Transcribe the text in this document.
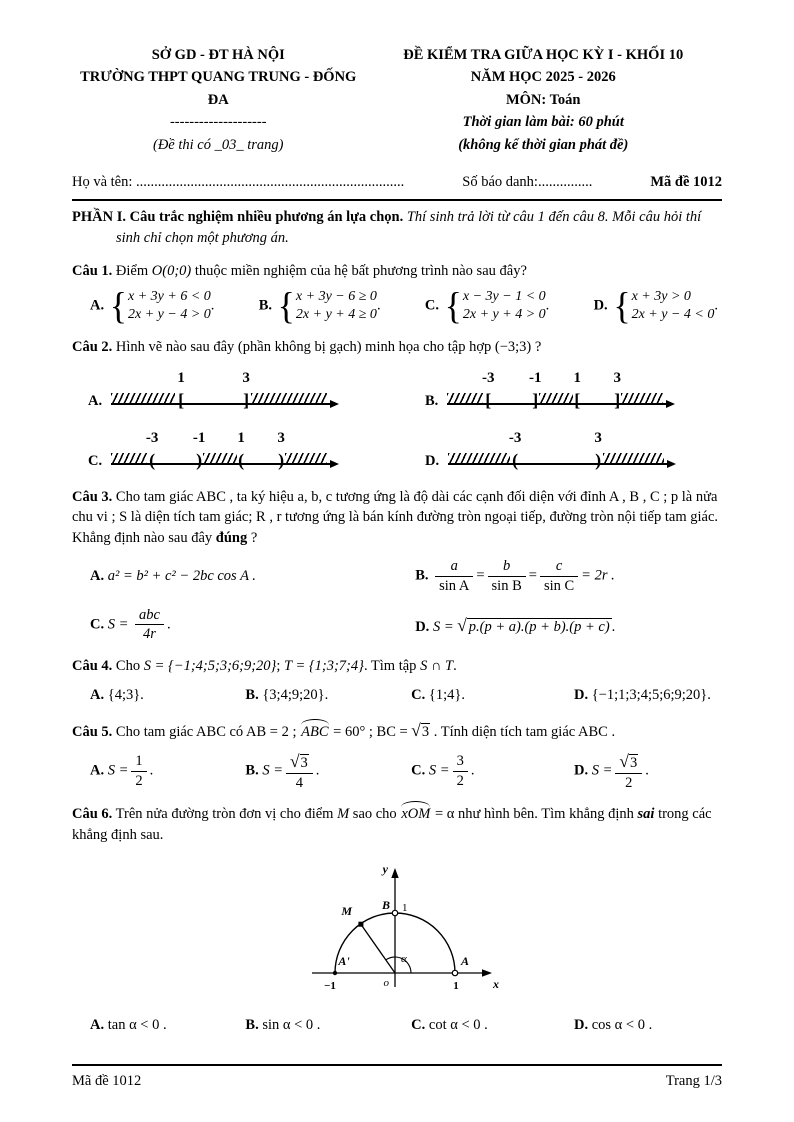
SỞ GD - ĐT HÀ NỘI
TRƯỜNG THPT QUANG TRUNG - ĐỐNG ĐA
--------------------
(Đề thi có _03_ trang)
ĐỀ KIỂM TRA GIỮA HỌC KỲ I - KHỐI 10
NĂM HỌC 2025 - 2026
MÔN: Toán
Thời gian làm bài: 60 phút
(không kể thời gian phát đề)
Họ và tên: ..........................................................................	Số báo danh:...............	Mã đề 1012
PHẦN I. Câu trắc nghiệm nhiều phương án lựa chọn. Thí sinh trả lời từ câu 1 đến câu 8. Mỗi câu hỏi thí sinh chỉ chọn một phương án.
Câu 1. Điểm O(0;0) thuộc miền nghiệm của hệ bất phương trình nào sau đây?
A. { x + 3y + 6 < 0
2x + y − 4 > 0
.	B. { x + 3y − 6 ≥ 0
2x + y + 4 ≥ 0
.	C. { x − 3y − 1 < 0
2x + y + 4 > 0
.	D. { x + 3y > 0
2x + y − 4 < 0
.
Câu 2. Hình vẽ nào sau đây (phần không bị gạch) minh họa cho tập hợp (−3;3) ?
A.	[	]
1	3
B.	[ ] [ ]
-3 -1 1 3
C.	( ) ( )
-3 -1 1 3
D.	(	)
-3	3
Câu 3. Cho tam giác ABC , ta ký hiệu a, b, c tương ứng là độ dài các cạnh đối diện với đỉnh A , B , C ; p là nửa chu vi ; S là diện tích tam giác; R , r tương ứng là bán kính đường tròn ngoại tiếp, đường tròn nội tiếp tam giác. Khẳng định nào sau đây đúng ?
A. a² = b² + c² − 2bc cos A .	B. $\frac{a}{\text{sin A}} = \frac{b}{\text{sin B}} = \frac{c}{\text{sin C}} = 2r$ .
C. $S = \frac{\text{abc}}{4r}$ .	D. S = √ p.(p + a).(p + b).(p + c) .
Câu 4. Cho S = {−1;4;5;3;6;9;20}; T = {1;3;7;4}. Tìm tập S ∩ T.
A. {4;3}.	B. {3;4;9;20}.	C. {1;4}.	D. {−1;1;3;4;5;6;9;20}.
Câu 5. Cho tam giác ABC có AB = 2 ; ABC = 60° ; BC = √3 . Tính diện tích tam giác ABC .
A. $S = \frac{1}{2}$ .	B. $S = \frac{√3}{4}$ .	C. $S = \frac{3}{2}$ .	D. $S = \frac{√3}{2}$ .
Câu 6. Trên nửa đường tròn đơn vị cho điểm M sao cho xOM = α như hình bên. Tìm khẳng định sai trong các khẳng định sau.
y
B 1
M
α
A'
−1	o
A
1	x
A. tan α < 0 .	B. sin α < 0 .	C. cot α < 0 .	D. cos α < 0 .
Mã đề 1012	Trang 1/3
